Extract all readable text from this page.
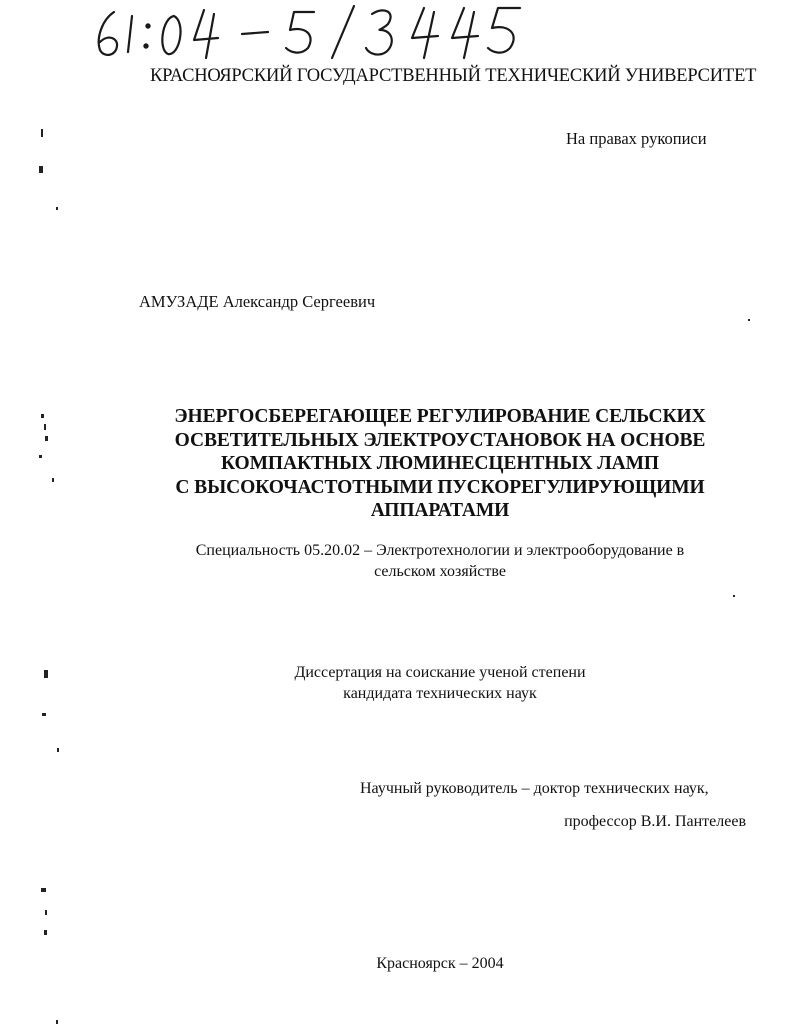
КРАСНОЯРСКИЙ ГОСУДАРСТВЕННЫЙ ТЕХНИЧЕСКИЙ УНИВЕРСИТЕТ
На правах рукописи
АМУЗАДЕ Александр Сергеевич
ЭНЕРГОСБЕРЕГАЮЩЕЕ РЕГУЛИРОВАНИЕ СЕЛЬСКИХ
ОСВЕТИТЕЛЬНЫХ ЭЛЕКТРОУСТАНОВОК НА ОСНОВЕ
КОМПАКТНЫХ ЛЮМИНЕСЦЕНТНЫХ ЛАМП
С ВЫСОКОЧАСТОТНЫМИ ПУСКОРЕГУЛИРУЮЩИМИ
АППАРАТАМИ
Специальность 05.20.02 – Электротехнологии и электрооборудование в
сельском хозяйстве
Диссертация на соискание ученой степени
кандидата технических наук
Научный руководитель – доктор технических наук,
профессор В.И. Пантелеев
Красноярск – 2004
